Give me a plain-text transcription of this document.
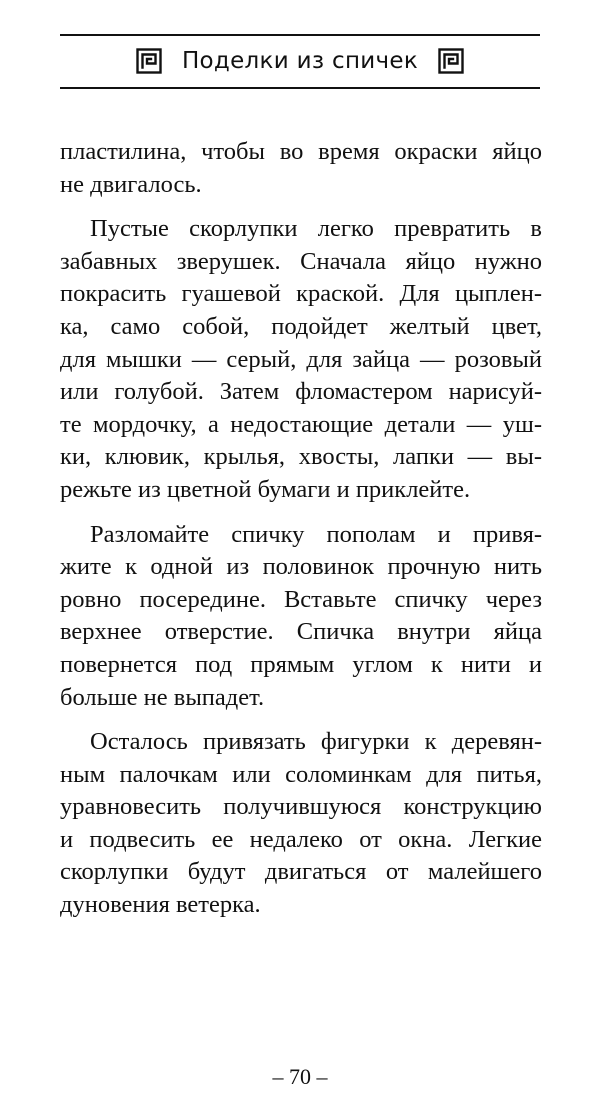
Поделки из спичек

пластилина, чтобы во время окраски яйцо
не двигалось.

Пустые скорлупки легко превратить в
забавных зверушек. Сначала яйцо нужно
покрасить гуашевой краской. Для цыплен-
ка, само собой, подойдет желтый цвет,
для мышки — серый, для зайца — розовый
или голубой. Затем фломастером нарисуй-
те мордочку, а недостающие детали — уш-
ки, клювик, крылья, хвосты, лапки — вы-
режьте из цветной бумаги и приклейте.

Разломайте спичку пополам и привя-
жите к одной из половинок прочную нить
ровно посередине. Вставьте спичку через
верхнее отверстие. Спичка внутри яйца
повернется под прямым углом к нити и
больше не выпадет.

Осталось привязать фигурки к деревян-
ным палочкам или соломинкам для питья,
уравновесить получившуюся конструкцию
и подвесить ее недалеко от окна. Легкие
скорлупки будут двигаться от малейшего
дуновения ветерка.

– 70 –
